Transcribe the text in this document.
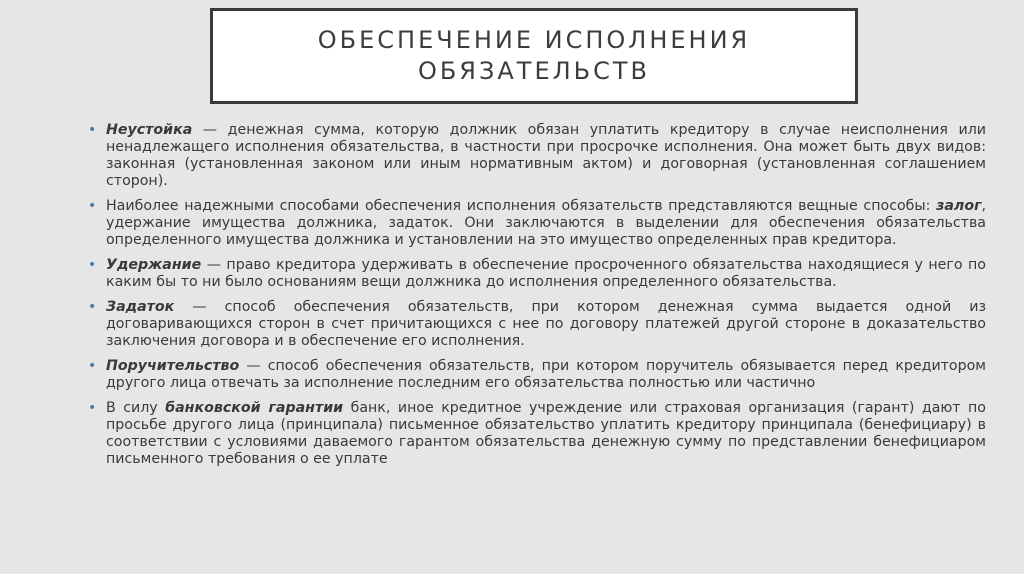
ОБЕСПЕЧЕНИЕ ИСПОЛНЕНИЯ
ОБЯЗАТЕЛЬСТВ
• Неустойка — денежная сумма, которую должник обязан уплатить кредитору в случае неисполнения или ненадлежащего исполнения обязательства, в частности при просрочке исполнения. Она может быть двух видов: законная (установленная законом или иным нормативным актом) и договорная (установленная соглашением сторон).
• Наиболее надежными способами обеспечения исполнения обязательств представляются вещные способы: залог, удержание имущества должника, задаток. Они заключаются в выделении для обеспечения обязательства определенного имущества должника и установлении на это имущество определенных прав кредитора.
• Удержание — право кредитора удерживать в обеспечение просроченного обязательства находящиеся у него по каким бы то ни было основаниям вещи должника до исполнения определенного обязательства.
• Задаток — способ обеспечения обязательств, при котором денежная сумма выдается одной из договаривающихся сторон в счет причитающихся с нее по договору платежей другой стороне в доказательство заключения договора и в обеспечение его исполнения.
• Поручительство — способ обеспечения обязательств, при котором поручитель обязывается перед кредитором другого лица отвечать за исполнение последним его обязательства полностью или частично
• В силу банковской гарантии банк, иное кредитное учреждение или страховая организация (гарант) дают по просьбе другого лица (принципала) письменное обязательство уплатить кредитору принципала (бенефициару) в соответствии с условиями даваемого гарантом обязательства денежную сумму по представлении бенефициаром письменного требования о ее уплате
